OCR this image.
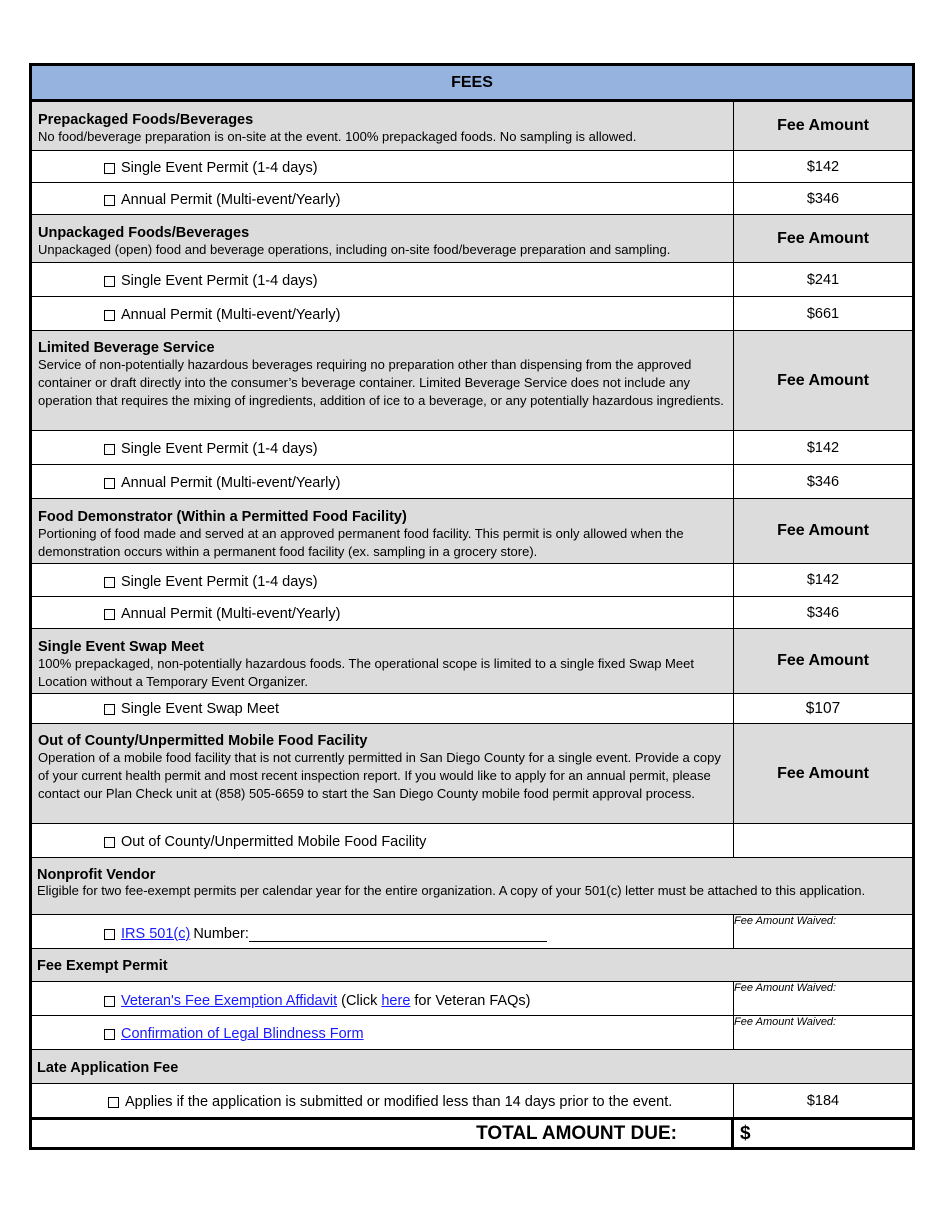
FEES

Prepackaged Foods/Beverages

No food/beverage preparation is on-site at the event. 100% prepackaged foods. No sampling is allowed.

Fee Amount
Single Event Permit (1-4 days)	$142
Annual Permit (Multi-event/Yearly)	$346

Unpackaged Foods/Beverages

Unpackaged (open) food and beverage operations, including on-site food/beverage preparation and sampling.

Fee Amount
Single Event Permit (1-4 days)	$241
Annual Permit (Multi-event/Yearly)	$661

Limited Beverage Service

Service of non-potentially hazardous beverages requiring no preparation other than dispensing from the approved container or draft directly into the consumer’s beverage container. Limited Beverage Service does not include any operation that requires the mixing of ingredients, addition of ice to a beverage, or any potentially hazardous ingredients.

Fee Amount
Single Event Permit (1-4 days)	$142
Annual Permit (Multi-event/Yearly)	$346

Food Demonstrator (Within a Permitted Food Facility)

Portioning of food made and served at an approved permanent food facility. This permit is only allowed when the demonstration occurs within a permanent food facility (ex. sampling in a grocery store).

Fee Amount
Single Event Permit (1-4 days)	$142
Annual Permit (Multi-event/Yearly)	$346

Single Event Swap Meet

100% prepackaged, non-potentially hazardous foods. The operational scope is limited to a single fixed Swap Meet Location without a Temporary Event Organizer.

Fee Amount
Single Event Swap Meet	$107

Out of County/Unpermitted Mobile Food Facility

Operation of a mobile food facility that is not currently permitted in San Diego County for a single event. Provide a copy of your current health permit and most recent inspection report. If you would like to apply for an annual permit, please contact our Plan Check unit at (858) 505-6659 to start the San Diego County mobile food permit approval process.

Fee Amount
Out of County/Unpermitted Mobile Food Facility

Nonprofit Vendor

Eligible for two fee-exempt permits per calendar year for the entire organization. A copy of your 501(c) letter must be attached to this application.

IRS 501(c) Number:
Fee Amount Waived:

Fee Exempt Permit

Veteran's Fee Exemption Affidavit (Click here for Veteran FAQs)
Fee Amount Waived:
Confirmation of Legal Blindness Form
Fee Amount Waived:

Late Application Fee

Applies if the application is submitted or modified less than 14 days prior to the event.	$184
TOTAL AMOUNT DUE:	$
